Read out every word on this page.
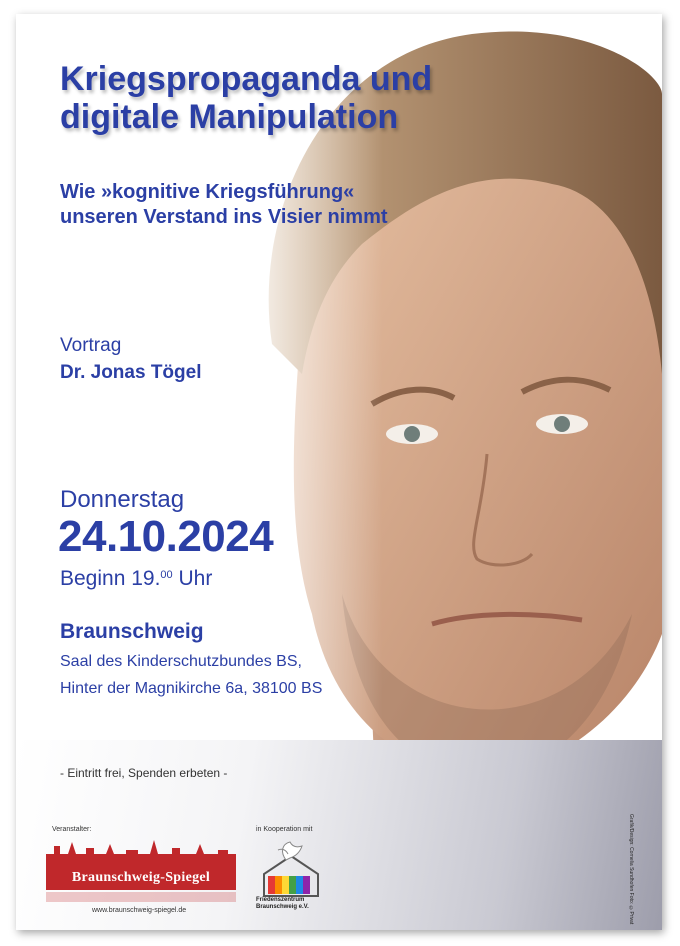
Kriegspropaganda und digitale Manipulation
Wie »kognitive Kriegsführung« unseren Verstand ins Visier nimmt
Vortrag
Dr. Jonas Tögel
Donnerstag
24.10.2024
Beginn 19.00 Uhr
Braunschweig
Saal des Kinderschutzbundes BS,
Hinter der Magnikirche 6a, 38100 BS
- Eintritt frei, Spenden erbeten -
Veranstalter:	in Kooperation mit
Braunschweig-Spiegel
www.braunschweig-spiegel.de
Friedenszentrum
Braunschweig e.V.	Grafik/Design: Cornelia Sundhofen Foto: ©Privat
